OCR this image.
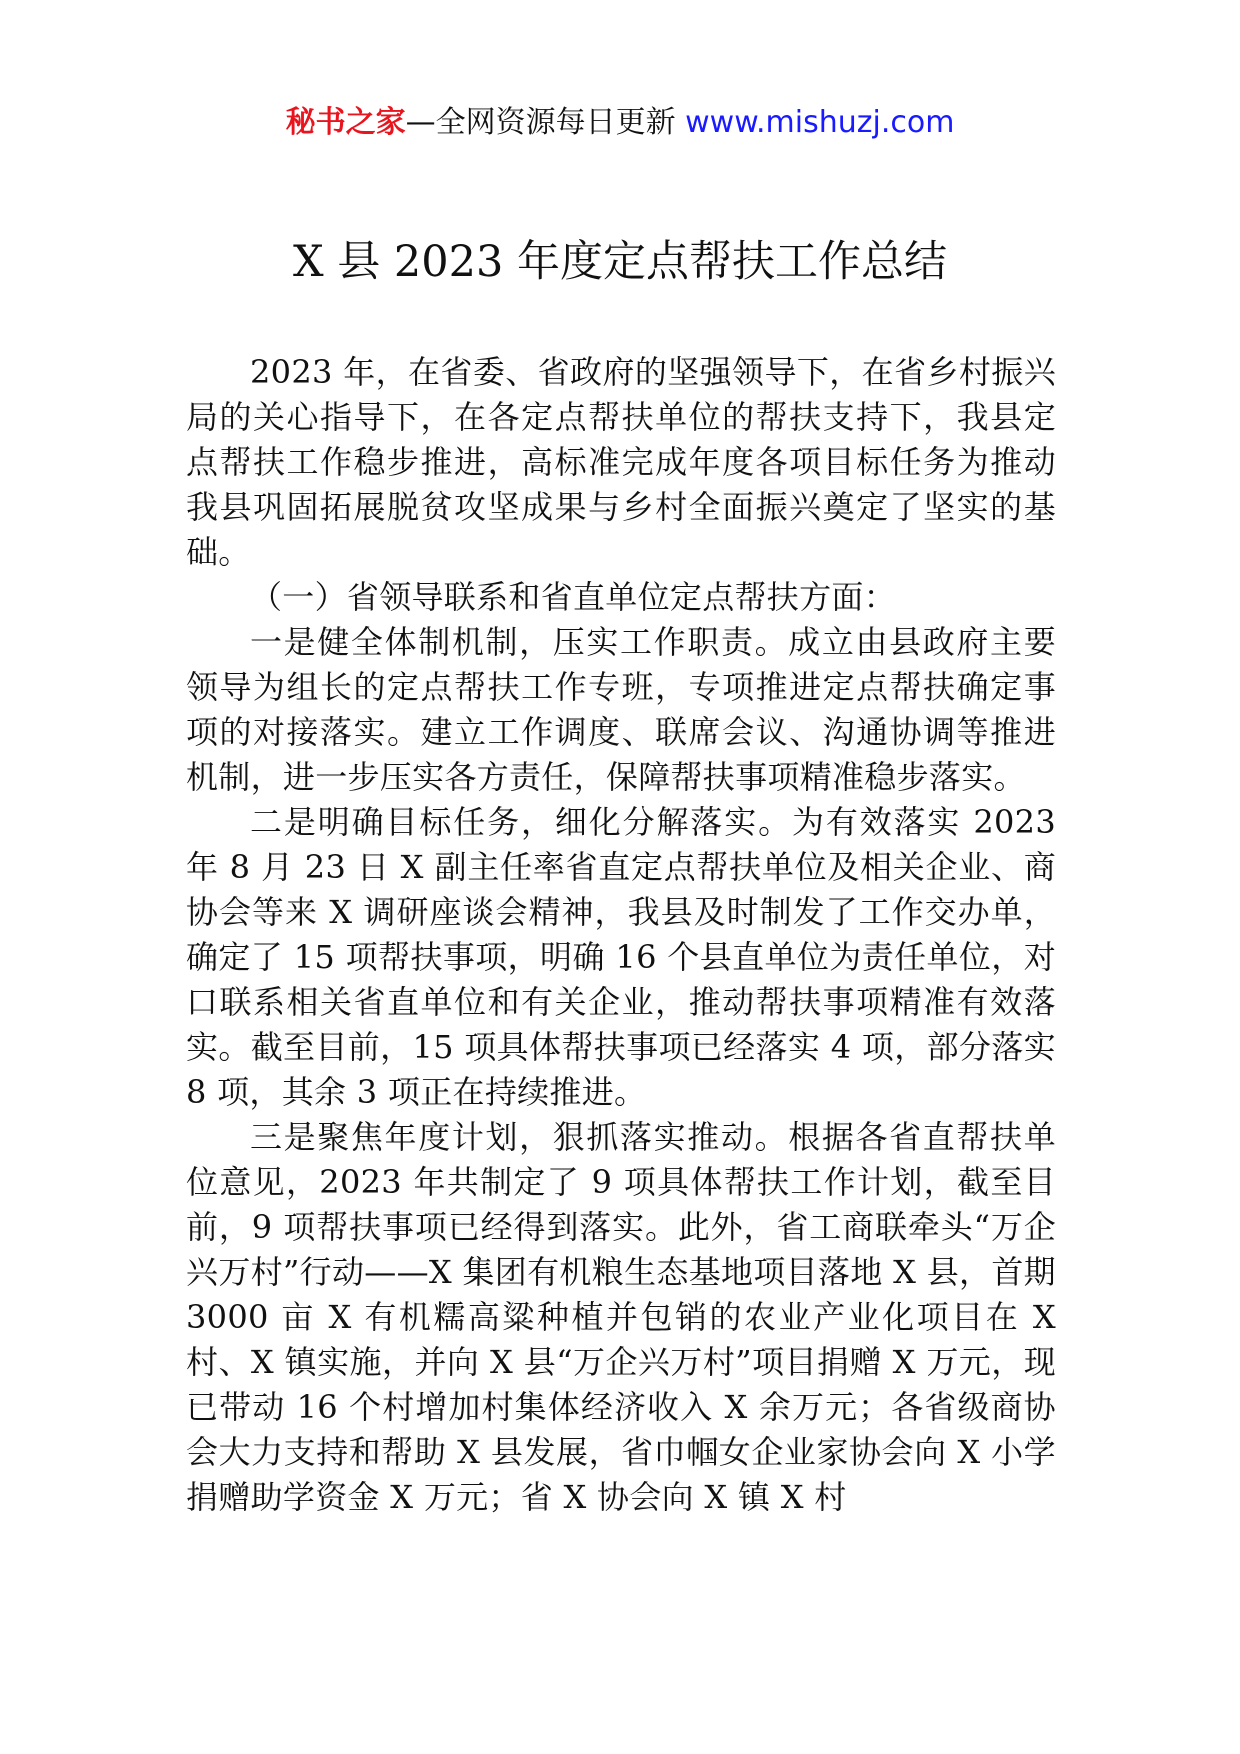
秘书之家—全网资源每日更新 www.mishuzj.com
X 县 2023 年度定点帮扶工作总结

2023 年，在省委、省政府的坚强领导下，在省乡村振兴局的关心指导下，在各定点帮扶单位的帮扶支持下，我县定点帮扶工作稳步推进，高标准完成年度各项目标任务为推动我县巩固拓展脱贫攻坚成果与乡村全面振兴奠定了坚实的基础。

（一）省领导联系和省直单位定点帮扶方面：

一是健全体制机制，压实工作职责。成立由县政府主要领导为组长的定点帮扶工作专班，专项推进定点帮扶确定事项的对接落实。建立工作调度、联席会议、沟通协调等推进机制，进一步压实各方责任，保障帮扶事项精准稳步落实。

二是明确目标任务，细化分解落实。为有效落实 2023 年 8 月 23 日 X 副主任率省直定点帮扶单位及相关企业、商协会等来 X 调研座谈会精神，我县及时制发了工作交办单，确定了 15 项帮扶事项，明确 16 个县直单位为责任单位，对口联系相关省直单位和有关企业，推动帮扶事项精准有效落实。截至目前，15 项具体帮扶事项已经落实 4 项，部分落实 8 项，其余 3 项正在持续推进。

三是聚焦年度计划，狠抓落实推动。根据各省直帮扶单位意见，2023 年共制定了 9 项具体帮扶工作计划，截至目前，9 项帮扶事项已经得到落实。此外，省工商联牵头“万企兴万村”行动——X 集团有机粮生态基地项目落地 X 县，首期 3000 亩 X 有机糯高粱种植并包销的农业产业化项目在 X 村、X 镇实施，并向 X 县“万企兴万村”项目捐赠 X 万元，现已带动 16 个村增加村集体经济收入 X 余万元；各省级商协会大力支持和帮助 X 县发展，省巾帼女企业家协会向 X 小学捐赠助学资金 X 万元；省 X 协会向 X 镇 X 村
